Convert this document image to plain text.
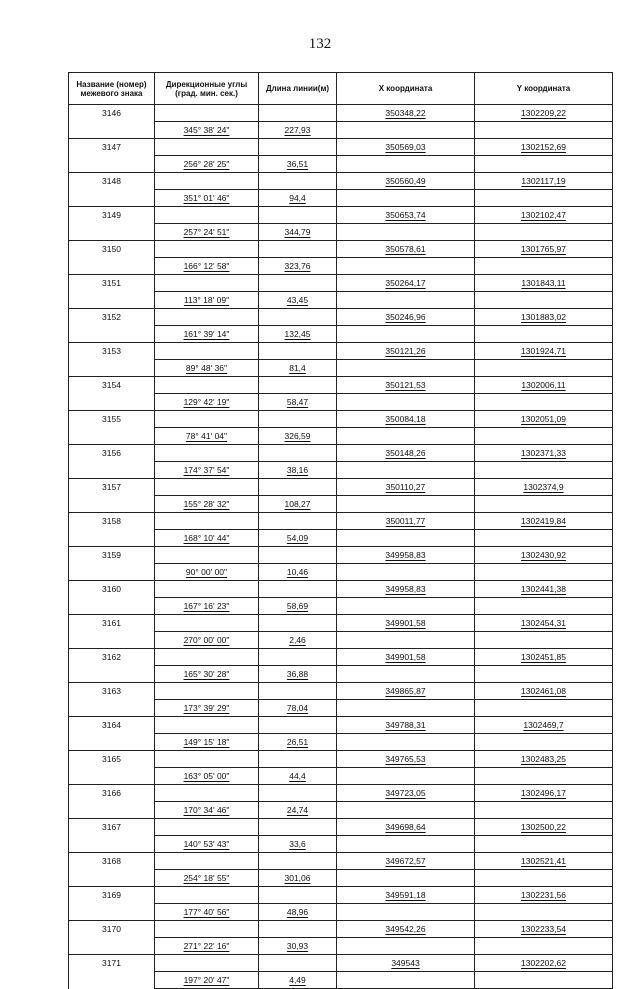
132
Название (номер) межевого знака	Дирекционные углы (град. мин. сек.)	Длина линии(м)	X координата	Y координата
3146			350348,22	1302209,22
	345° 38' 24"	227,93		
3147			350569,03	1302152,69
	256° 28' 25"	36,51		
3148			350560,49	1302117,19
	351° 01' 46"	94,4		
3149			350653,74	1302102,47
	257° 24' 51"	344,79		
3150			350578,61	1301765,97
	166° 12' 58"	323,76		
3151			350264,17	1301843,11
	113° 18' 09"	43,45		
3152			350246,96	1301883,02
	161° 39' 14"	132,45		
3153			350121,26	1301924,71
	89° 48' 36"	81,4		
3154			350121,53	1302006,11
	129° 42' 19"	58,47		
3155			350084,18	1302051,09
	78° 41' 04"	326,59		
3156			350148,26	1302371,33
	174° 37' 54"	38,16		
3157			350110,27	1302374,9
	155° 28' 32"	108,27		
3158			350011,77	1302419,84
	168° 10' 44"	54,09		
3159			349958,83	1302430,92
	90° 00' 00"	10,46		
3160			349958,83	1302441,38
	167° 16' 23"	58,69		
3161			349901,58	1302454,31
	270° 00' 00"	2,46		
3162			349901,58	1302451,85
	165° 30' 28"	36,88		
3163			349865,87	1302461,08
	173° 39' 29"	78,04		
3164			349788,31	1302469,7
	149° 15' 18"	26,51		
3165			349765,53	1302483,25
	163° 05' 00"	44,4		
3166			349723,05	1302496,17
	170° 34' 46"	24,74		
3167			349698,64	1302500,22
	140° 53' 43"	33,6		
3168			349672,57	1302521,41
	254° 18' 55"	301,06		
3169			349591,18	1302231,56
	177° 40' 56"	48,96		
3170			349542,26	1302233,54
	271° 22' 16"	30,93		
3171			349543	1302202,62
	197° 20' 47"	4,49		
